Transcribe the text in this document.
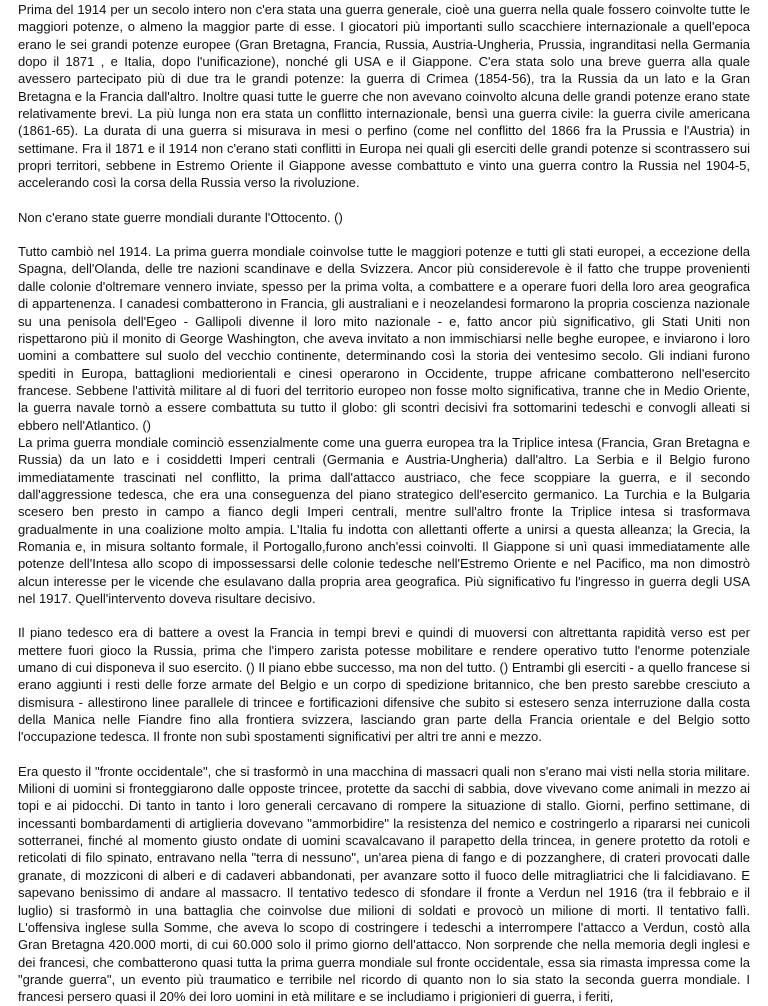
Prima del 1914 per un secolo intero non c'era stata una guerra generale, cioè una guerra nella quale fossero coinvolte tutte le maggiori potenze, o almeno la maggior parte di esse. I giocatori più importanti sullo scacchiere internazionale a quell'epoca erano le sei grandi potenze europee (Gran Bretagna, Francia, Russia, Austria-Ungheria, Prussia, ingranditasi nella Germania dopo il 1871 , e Italia, dopo l'unificazione), nonché gli USA e il Giappone. C'era stata solo una breve guerra alla quale avessero partecipato più di due tra le grandi potenze: la guerra di Crimea (1854-56), tra la Russia da un lato e la Gran Bretagna e la Francia dall'altro. Inoltre quasi tutte le guerre che non avevano coinvolto alcuna delle grandi potenze erano state relativamente brevi. La più lunga non era stata un conflitto internazionale, bensì una guerra civile: la guerra civile americana (1861-65). La durata di una guerra si misurava in mesi o perfino (come nel conflitto del 1866 fra la Prussia e l'Austria) in settimane. Fra il 1871 e il 1914 non c'erano stati conflitti in Europa nei quali gli eserciti delle grandi potenze si scontrassero sui propri territori, sebbene in Estremo Oriente il Giappone avesse combattuto e vinto una guerra contro la Russia nel 1904-5, accelerando così la corsa della Russia verso la rivoluzione.

Non c'erano state guerre mondiali durante l'Ottocento. ()

Tutto cambiò nel 1914. La prima guerra mondiale coinvolse tutte le maggiori potenze e tutti gli stati europei, a eccezione della Spagna, dell'Olanda, delle tre nazioni scandinave e della Svizzera. Ancor più considerevole è il fatto che truppe provenienti dalle colonie d'oltremare vennero inviate, spesso per la prima volta, a combattere e a operare fuori della loro area geografica di appartenenza. I canadesi combatterono in Francia, gli australiani e i neozelandesi formarono la propria coscienza nazionale su una penisola dell'Egeo - Gallipoli divenne il loro mito nazionale - e, fatto ancor più significativo, gli Stati Uniti non rispettarono più il monito di George Washington, che aveva invitato a non immischiarsi nelle beghe europee, e inviarono i loro uomini a combattere sul suolo del vecchio continente, determinando così la storia dei ventesimo secolo. Gli indiani furono spediti in Europa, battaglioni mediorientali e cinesi operarono in Occidente, truppe africane combatterono nell'esercito francese. Sebbene l'attività militare al di fuori del territorio europeo non fosse molto significativa, tranne che in Medio Oriente, la guerra navale tornò a essere combattuta su tutto il globo: gli scontri decisivi fra sottomarini tedeschi e convogli alleati si ebbero nell'Atlantico. ()

La prima guerra mondiale cominciò essenzialmente come una guerra europea tra la Triplice intesa (Francia, Gran Bretagna e Russia) da un lato e i cosiddetti Imperi centrali (Germania e Austria-Ungheria) dall'altro. La Serbia e il Belgio furono immediatamente trascinati nel conflitto, la prima dall'attacco austriaco, che fece scoppiare la guerra, e il secondo dall'aggressione tedesca, che era una conseguenza del piano strategico dell'esercito germanico. La Turchia e la Bulgaria scesero ben presto in campo a fianco degli Imperi centrali, mentre sull'altro fronte la Triplice intesa si trasformava gradualmente in una coalizione molto ampia. L'Italia fu indotta con allettanti offerte a unirsi a questa alleanza; la Grecia, la Romania e, in misura soltanto formale, il Portogallo,furono anch'essi coinvolti. Il Giappone si unì quasi immediatamente alle potenze dell'Intesa allo scopo di impossessarsi delle colonie tedesche nell'Estremo Oriente e nel Pacifico, ma non dimostrò alcun interesse per le vicende che esulavano dalla propria area geografica. Più significativo fu l'ingresso in guerra degli USA nel 1917. Quell'intervento doveva risultare decisivo.

Il piano tedesco era di battere a ovest la Francia in tempi brevi e quindi di muoversi con altrettanta rapidità verso est per mettere fuori gioco la Russia, prima che l'impero zarista potesse mobilitare e rendere operativo tutto l'enorme potenziale umano di cui disponeva il suo esercito. () Il piano ebbe successo, ma non del tutto. () Entrambi gli eserciti - a quello francese si erano aggiunti i resti delle forze armate del Belgio e un corpo di spedizione britannico, che ben presto sarebbe cresciuto a dismisura - allestirono linee parallele di trincee e fortificazioni difensive che subito si estesero senza interruzione dalla costa della Manica nelle Fiandre fino alla frontiera svizzera, lasciando gran parte della Francia orientale e del Belgio sotto l'occupazione tedesca. Il fronte non subì spostamenti significativi per altri tre anni e mezzo.

Era questo il "fronte occidentale", che si trasformò in una macchina di massacri quali non s'erano mai visti nella storia militare. Milioni di uomini si fronteggiarono dalle opposte trincee, protette da sacchi di sabbia, dove vivevano come animali in mezzo ai topi e ai pidocchi. Di tanto in tanto i loro generali cercavano di rompere la situazione di stallo. Giorni, perfino settimane, di incessanti bombardamenti di artiglieria dovevano "ammorbidire" la resistenza del nemico e costringerlo a ripararsi nei cunicoli sotterranei, finché al momento giusto ondate di uomini scavalcavano il parapetto della trincea, in genere protetto da rotoli e reticolati di filo spinato, entravano nella "terra di nessuno", un'area piena di fango e di pozzanghere, di crateri provocati dalle granate, di mozziconi di alberi e di cadaveri abbandonati, per avanzare sotto il fuoco delle mitragliatrici che li falcidiavano. E sapevano benissimo di andare al massacro. Il tentativo tedesco di sfondare il fronte a Verdun nel 1916 (tra il febbraio e il luglio) si trasformò in una battaglia che coinvolse due milioni di soldati e provocò un milione di morti. Il tentativo fallì. L'offensiva inglese sulla Somme, che aveva lo scopo di costringere i tedeschi a interrompere l'attacco a Verdun, costò alla Gran Bretagna 420.000 morti, di cui 60.000 solo il primo giorno dell'attacco. Non sorprende che nella memoria degli inglesi e dei francesi, che combatterono quasi tutta la prima guerra mondiale sul fronte occidentale, essa sia rimasta impressa come la "grande guerra", un evento più traumatico e terribile nel ricordo di quanto non lo sia stato la seconda guerra mondiale. I francesi persero quasi il 20% dei loro uomini in età militare e se includiamo i prigionieri di guerra, i feriti,
